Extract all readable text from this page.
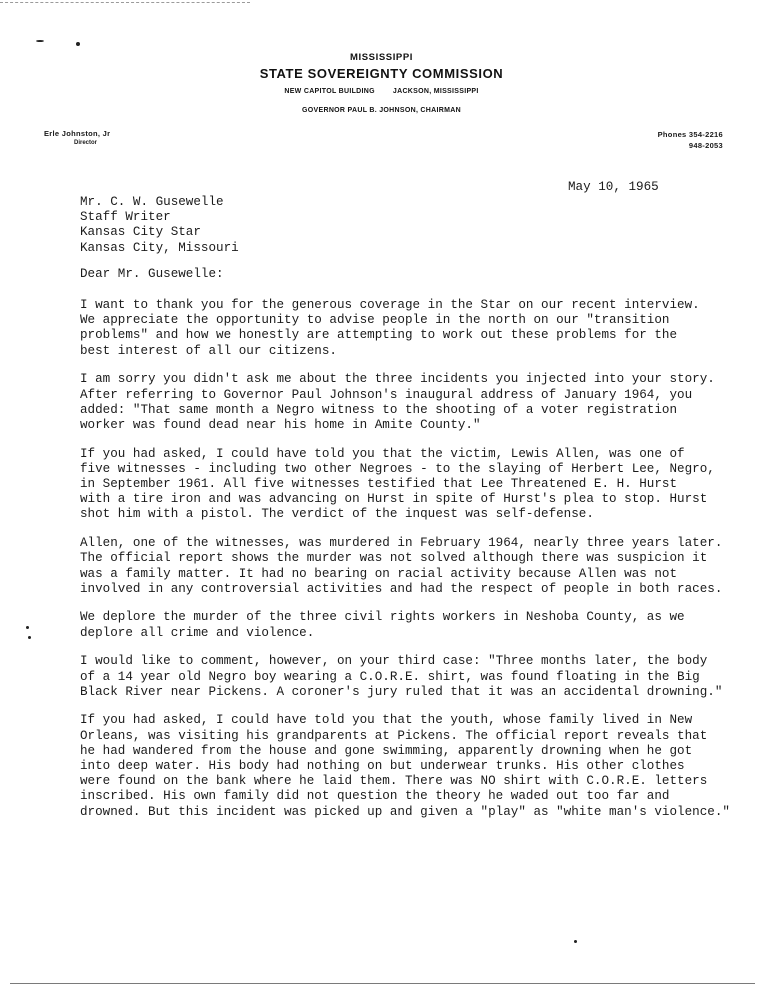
MISSISSIPPI
STATE SOVEREIGNTY COMMISSION
NEW CAPITOL BUILDING	JACKSON, MISSISSIPPI
GOVERNOR PAUL B. JOHNSON, CHAIRMAN
Erle Johnston, Jr
Director
Phones 354-2216
948-2053
May 10, 1965
Mr. C. W. Gusewelle
Staff Writer
Kansas City Star
Kansas City, Missouri
Dear Mr. Gusewelle:

I want to thank you for the generous coverage in the Star on our recent interview.
We appreciate the opportunity to advise people in the north on our "transition
problems" and how we honestly are attempting to work out these problems for the
best interest of all our citizens.

I am sorry you didn't ask me about the three incidents you injected into your story.
After referring to Governor Paul Johnson's inaugural address of January 1964, you
added: "That same month a Negro witness to the shooting of a voter registration
worker was found dead near his home in Amite County."

If you had asked, I could have told you that the victim, Lewis Allen, was one of
five witnesses - including two other Negroes - to the slaying of Herbert Lee, Negro,
in September 1961. All five witnesses testified that Lee Threatened E. H. Hurst
with a tire iron and was advancing on Hurst in spite of Hurst's plea to stop. Hurst
shot him with a pistol. The verdict of the inquest was self-defense.

Allen, one of the witnesses, was murdered in February 1964, nearly three years later.
The official report shows the murder was not solved although there was suspicion it
was a family matter. It had no bearing on racial activity because Allen was not
involved in any controversial activities and had the respect of people in both races.

We deplore the murder of the three civil rights workers in Neshoba County, as we
deplore all crime and violence.

I would like to comment, however, on your third case: "Three months later, the body
of a 14 year old Negro boy wearing a C.O.R.E. shirt, was found floating in the Big
Black River near Pickens. A coroner's jury ruled that it was an accidental drowning."

If you had asked, I could have told you that the youth, whose family lived in New
Orleans, was visiting his grandparents at Pickens. The official report reveals that
he had wandered from the house and gone swimming, apparently drowning when he got
into deep water. His body had nothing on but underwear trunks. His other clothes
were found on the bank where he laid them. There was NO shirt with C.O.R.E. letters
inscribed. His own family did not question the theory he waded out too far and
drowned. But this incident was picked up and given a "play" as "white man's violence."
